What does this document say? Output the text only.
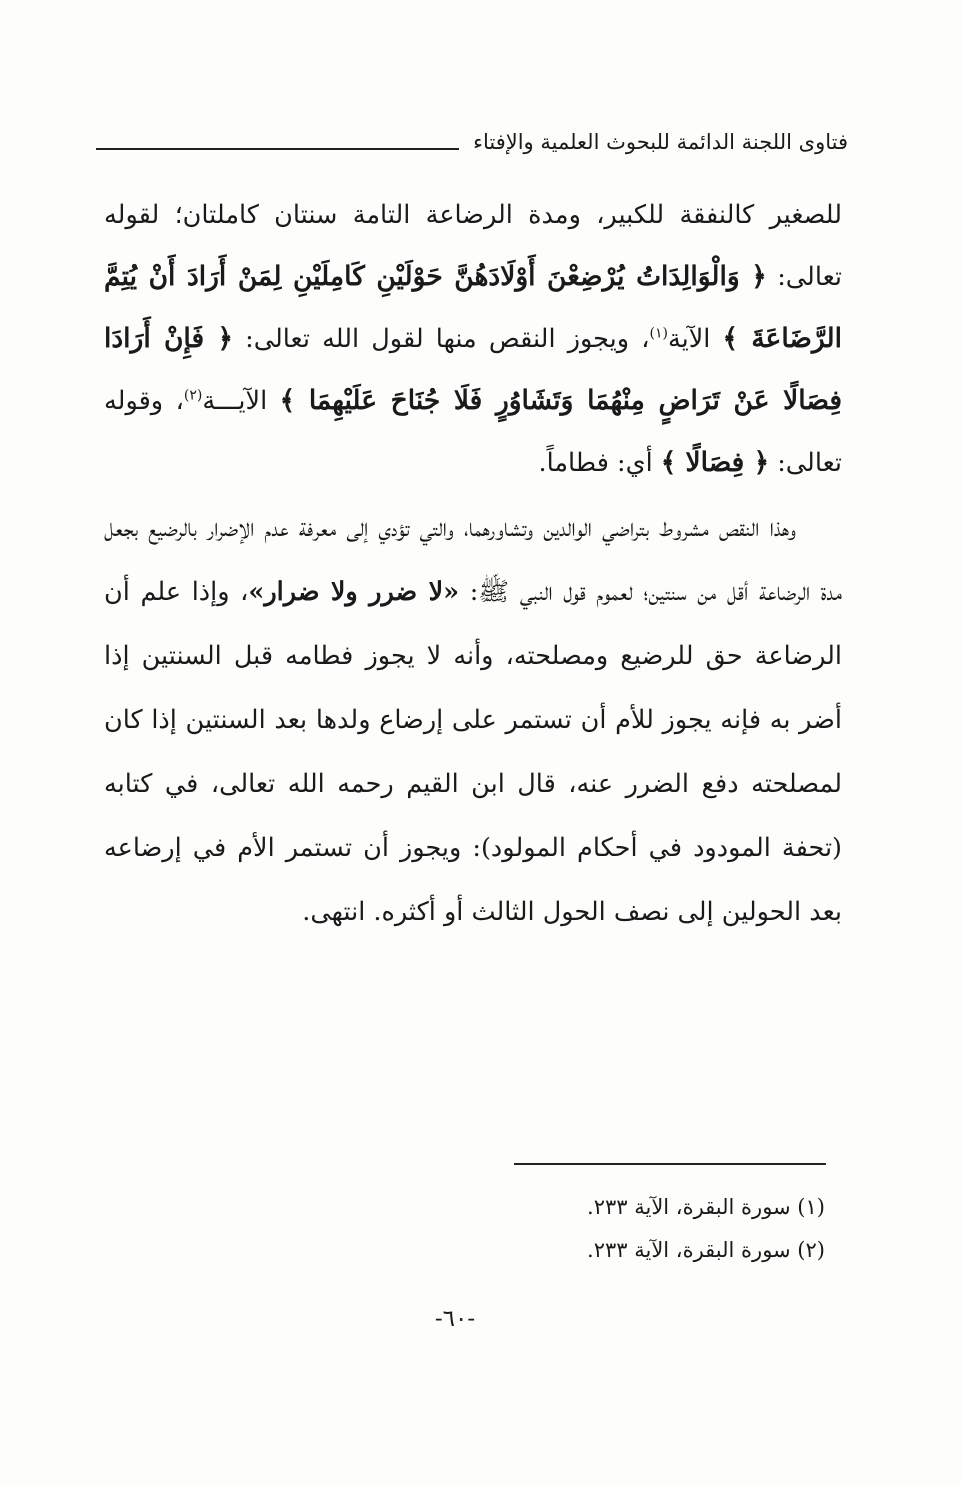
فتاوى اللجنة الدائمة للبحوث العلمية والإفتاء

للصغير كالنفقة للكبير، ومدة الرضاعة التامة سنتان كاملتان؛ لقوله تعالى: ﴿ وَالْوَالِدَاتُ يُرْضِعْنَ أَوْلَادَهُنَّ حَوْلَيْنِ كَامِلَيْنِ لِمَنْ أَرَادَ أَنْ يُتِمَّ الرَّضَاعَةَ ﴾ الآية$^{(١)}$، ويجوز النقص منها لقول الله تعالى: ﴿ فَإِنْ أَرَادَا فِصَالًا عَنْ تَرَاضٍ مِنْهُمَا وَتَشَاوُرٍ فَلَا جُنَاحَ عَلَيْهِمَا ﴾ الآيـــة$^{(٢)}$، وقوله تعالى: ﴿ فِصَالًا ﴾ أي: فطاماً.

وهذا النقص مشروط بتراضي الوالدين وتشاورهما، والتي تؤدي إلى معرفة عدم الإضرار بالرضيع بجعل مدة الرضاعة أقل من سنتين؛ لعموم قول النبي ﷺ: «لا ضرر ولا ضرار»، وإذا علم أن الرضاعة حق للرضيع ومصلحته، وأنه لا يجوز فطامه قبل السنتين إذا أضر به فإنه يجوز للأم أن تستمر على إرضاع ولدها بعد السنتين إذا كان لمصلحته دفع الضرر عنه، قال ابن القيم رحمه الله تعالى، في كتابه (تحفة المودود في أحكام المولود): ويجوز أن تستمر الأم في إرضاعه بعد الحولين إلى نصف الحول الثالث أو أكثره. انتهى.

(١) سورة البقرة، الآية ٢٣٣.
(٢) سورة البقرة، الآية ٢٣٣.
-٦٠-
